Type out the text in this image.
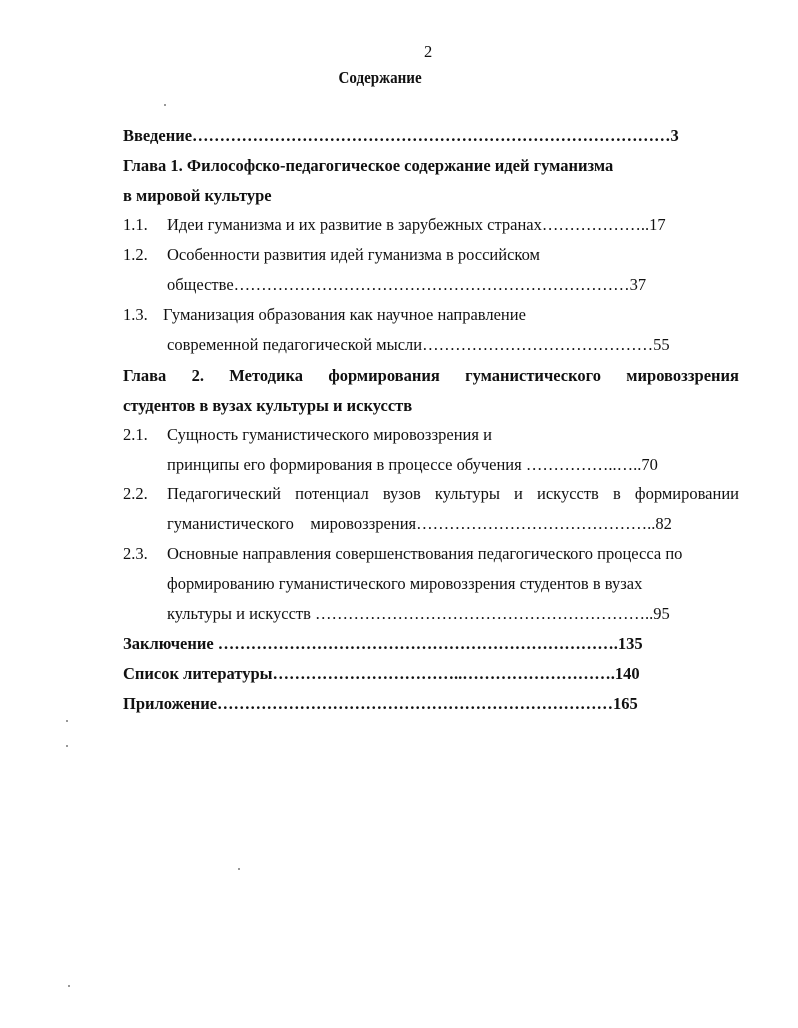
2
Содержание
Введение……………………………………………………………………………3
Глава 1. Философско-педагогическое содержание идей гуманизма
в мировой культуре
1.1. Идеи гуманизма и их развитие в зарубежных странах………………..17
1.2. Особенности развития идей гуманизма в российском
обществе………………………………………………………………37
1.3. Гуманизация образования как научное направление
современной педагогической мысли……………………………………55
Глава 2. Методика формирования гуманистического мировоззрения
студентов в вузах культуры и искусств
2.1. Сущность гуманистического мировоззрения и
принципы его формирования в процессе обучения ……………..…..70
2.2. Педагогический потенциал вузов культуры и искусств в формировании
гуманистического    мировоззрения……………………………………..82
2.3. Основные направления совершенствования педагогического процесса по
формированию гуманистического мировоззрения студентов в вузах
культуры и искусств ……………………………………………………..95
Заключение ……………………………………………………………….135
Список литературы……………………………..……………………….140
Приложение………………………………………………………………165
